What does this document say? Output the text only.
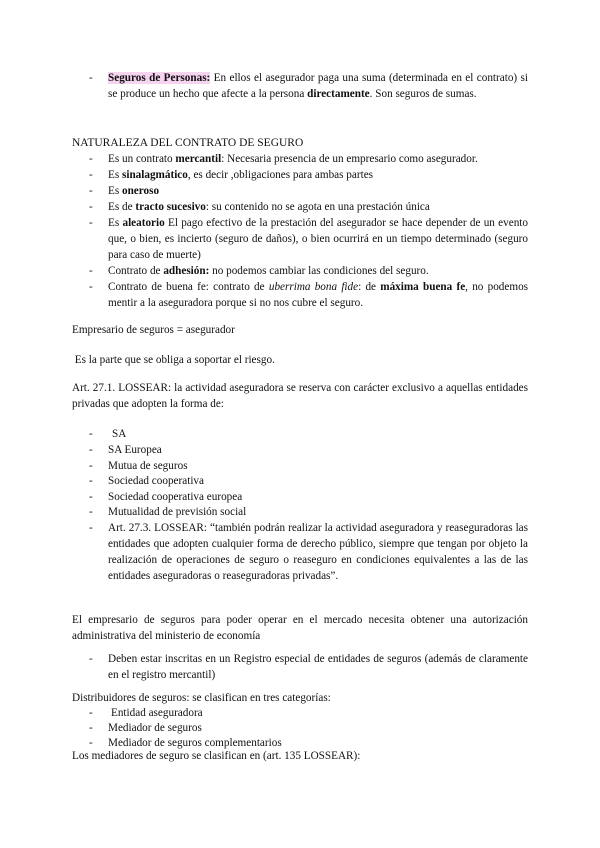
- Seguros de Personas: En ellos el asegurador paga una suma (determinada en el contrato) si se produce un hecho que afecte a la persona directamente. Son seguros de sumas.
NATURALEZA DEL CONTRATO DE SEGURO
- Es un contrato mercantil: Necesaria presencia de un empresario como asegurador.
- Es sinalagmático, es decir ,obligaciones para ambas partes
- Es oneroso
- Es de tracto sucesivo: su contenido no se agota en una prestación única
- Es aleatorio El pago efectivo de la prestación del asegurador se hace depender de un evento que, o bien, es incierto (seguro de daños), o bien ocurrirá en un tiempo determinado (seguro para caso de muerte)
- Contrato de adhesión: no podemos cambiar las condiciones del seguro.
- Contrato de buena fe: contrato de uberrima bona fide: de máxima buena fe, no podemos mentir a la aseguradora porque si no nos cubre el seguro.
Empresario de seguros = asegurador
Es la parte que se obliga a soportar el riesgo.
Art. 27.1. LOSSEAR: la actividad aseguradora se reserva con carácter exclusivo a aquellas entidades privadas que adopten la forma de:
- SA
- SA Europea
- Mutua de seguros
- Sociedad cooperativa
- Sociedad cooperativa europea
- Mutualidad de previsión social
- Art. 27.3. LOSSEAR: “también podrán realizar la actividad aseguradora y reaseguradoras las entidades que adopten cualquier forma de derecho público, siempre que tengan por objeto la realización de operaciones de seguro o reaseguro en condiciones equivalentes a las de las entidades aseguradoras o reaseguradoras privadas”.
El empresario de seguros para poder operar en el mercado necesita obtener una autorización administrativa del ministerio de economía
- Deben estar inscritas en un Registro especial de entidades de seguros (además de claramente en el registro mercantil)
Distribuidores de seguros: se clasifican en tres categorías:
- Entidad aseguradora
- Mediador de seguros
- Mediador de seguros complementarios
Los mediadores de seguro se clasifican en (art. 135 LOSSEAR):
